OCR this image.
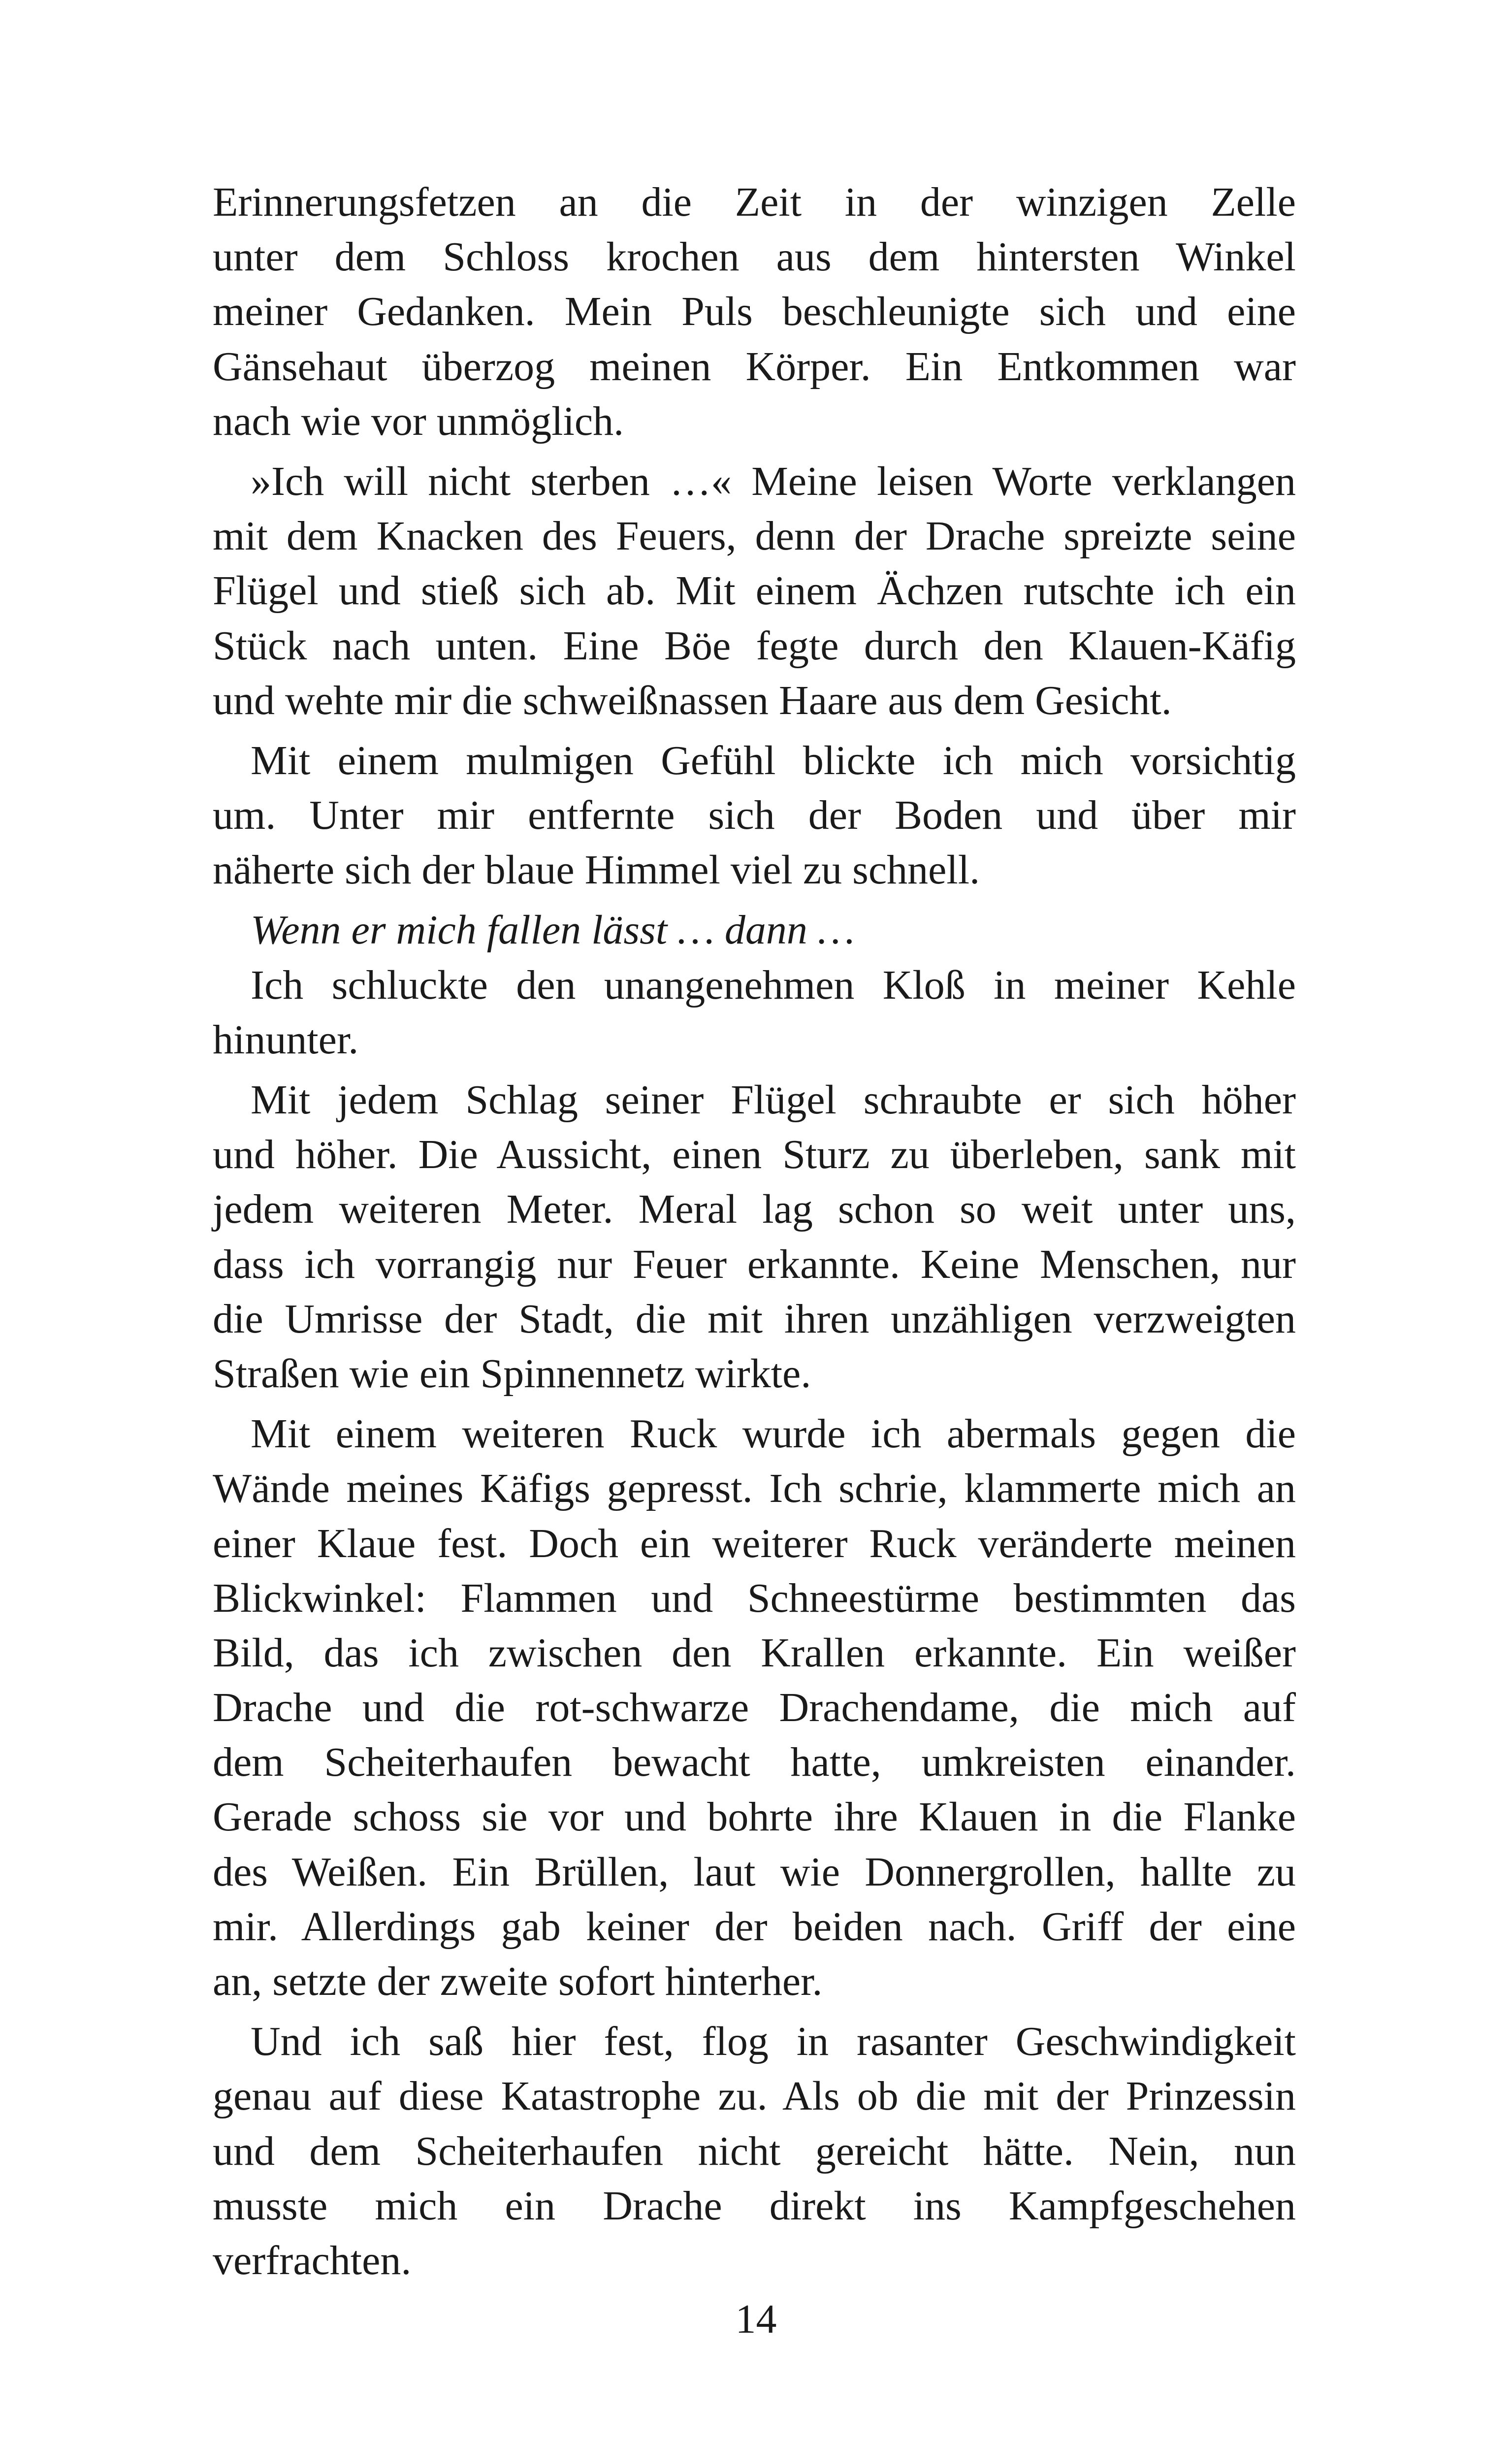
Erinnerungsfetzen an die Zeit in der winzigen Zelle
unter dem Schloss krochen aus dem hintersten Winkel
meiner Gedanken. Mein Puls beschleunigte sich und eine
Gänsehaut überzog meinen Körper. Ein Entkommen war
nach wie vor unmöglich.
»Ich will nicht sterben …« Meine leisen Worte verklangen
mit dem Knacken des Feuers, denn der Drache spreizte seine
Flügel und stieß sich ab. Mit einem Ächzen rutschte ich ein
Stück nach unten. Eine Böe fegte durch den Klauen-Käfig
und wehte mir die schweißnassen Haare aus dem Gesicht.
Mit einem mulmigen Gefühl blickte ich mich vorsichtig
um. Unter mir entfernte sich der Boden und über mir
näherte sich der blaue Himmel viel zu schnell.
Wenn er mich fallen lässt … dann …
Ich schluckte den unangenehmen Kloß in meiner Kehle
hinunter.
Mit jedem Schlag seiner Flügel schraubte er sich höher
und höher. Die Aussicht, einen Sturz zu überleben, sank mit
jedem weiteren Meter. Meral lag schon so weit unter uns,
dass ich vorrangig nur Feuer erkannte. Keine Menschen, nur
die Umrisse der Stadt, die mit ihren unzähligen verzweigten
Straßen wie ein Spinnennetz wirkte.
Mit einem weiteren Ruck wurde ich abermals gegen die
Wände meines Käfigs gepresst. Ich schrie, klammerte mich an
einer Klaue fest. Doch ein weiterer Ruck veränderte meinen
Blickwinkel: Flammen und Schneestürme bestimmten das
Bild, das ich zwischen den Krallen erkannte. Ein weißer
Drache und die rot-schwarze Drachendame, die mich auf
dem Scheiterhaufen bewacht hatte, umkreisten einander.
Gerade schoss sie vor und bohrte ihre Klauen in die Flanke
des Weißen. Ein Brüllen, laut wie Donnergrollen, hallte zu
mir. Allerdings gab keiner der beiden nach. Griff der eine
an, setzte der zweite sofort hinterher.
Und ich saß hier fest, flog in rasanter Geschwindigkeit
genau auf diese Katastrophe zu. Als ob die mit der Prinzessin
und dem Scheiterhaufen nicht gereicht hätte. Nein, nun
musste mich ein Drache direkt ins Kampfgeschehen
verfrachten.
14
